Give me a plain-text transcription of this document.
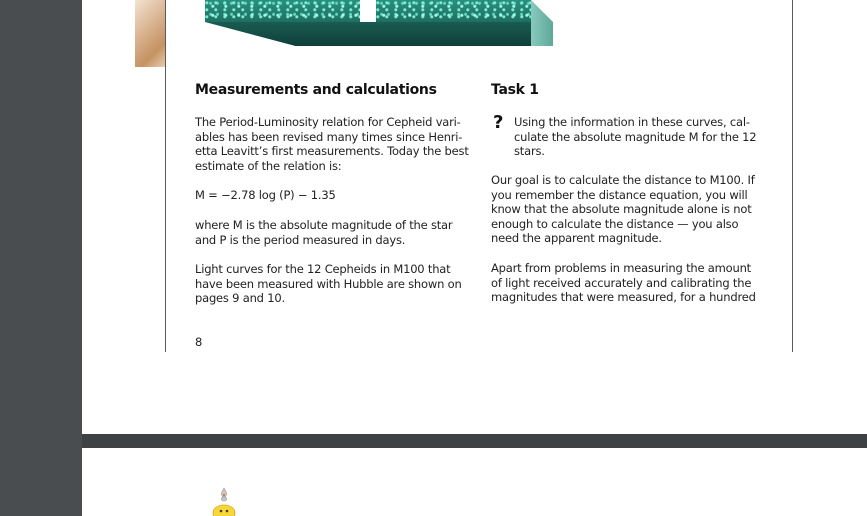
Measurements and calculations
The Period-Luminosity relation for Cepheid vari-
ables has been revised many times since Henri-
etta Leavitt’s first measurements. Today the best
estimate of the relation is:
M = −2.78 log (P) − 1.35
where M is the absolute magnitude of the star
and P is the period measured in days.
Light curves for the 12 Cepheids in M100 that
have been measured with Hubble are shown on
pages 9 and 10.
8
Task 1
? Using the information in these curves, cal-
culate the absolute magnitude M for the 12
stars.
Our goal is to calculate the distance to M100. If
you remember the distance equation, you will
know that the absolute magnitude alone is not
enough to calculate the distance — you also
need the apparent magnitude.
Apart from problems in measuring the amount
of light received accurately and calibrating the
magnitudes that were measured, for a hundred
